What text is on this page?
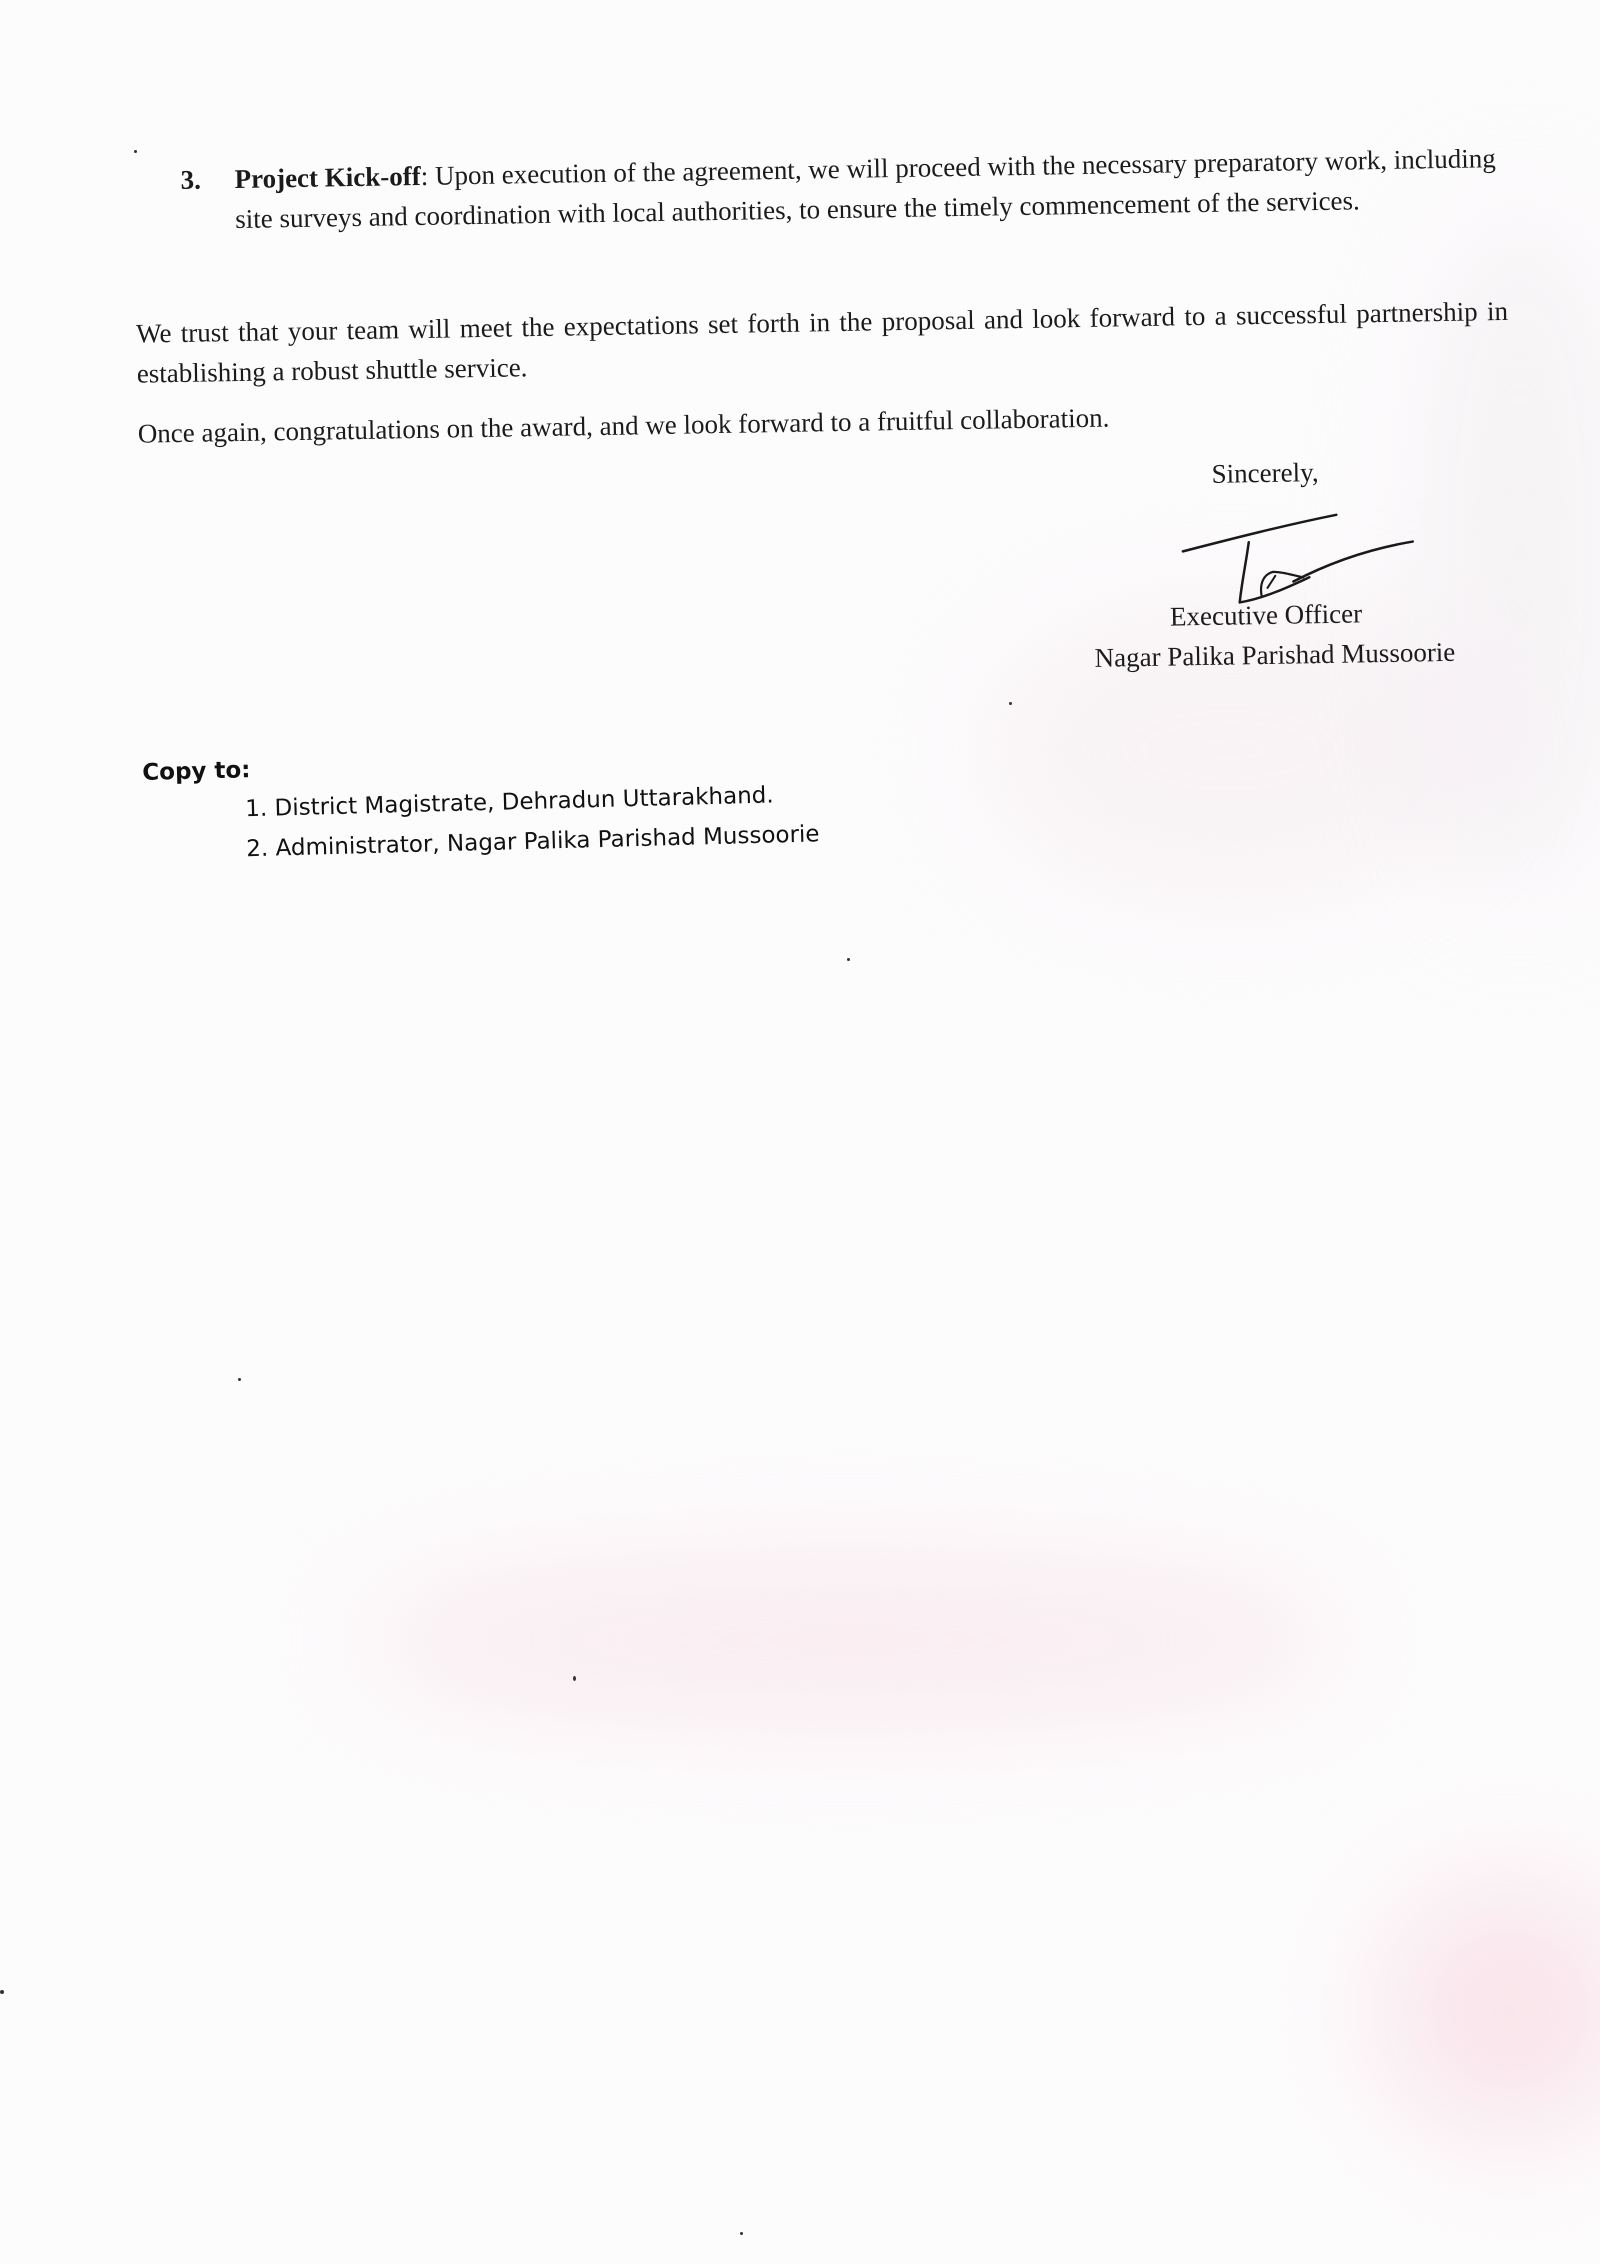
3. Project Kick-off: Upon execution of the agreement, we will proceed with the necessary preparatory work, including site surveys and coordination with local authorities, to ensure the timely commencement of the services.

We trust that your team will meet the expectations set forth in the proposal and look forward to a successful partnership in establishing a robust shuttle service.

Once again, congratulations on the award, and we look forward to a fruitful collaboration.

Sincerely,
Executive Officer
Nagar Palika Parishad Mussoorie
Copy to:
1. District Magistrate, Dehradun Uttarakhand.
2. Administrator, Nagar Palika Parishad Mussoorie
